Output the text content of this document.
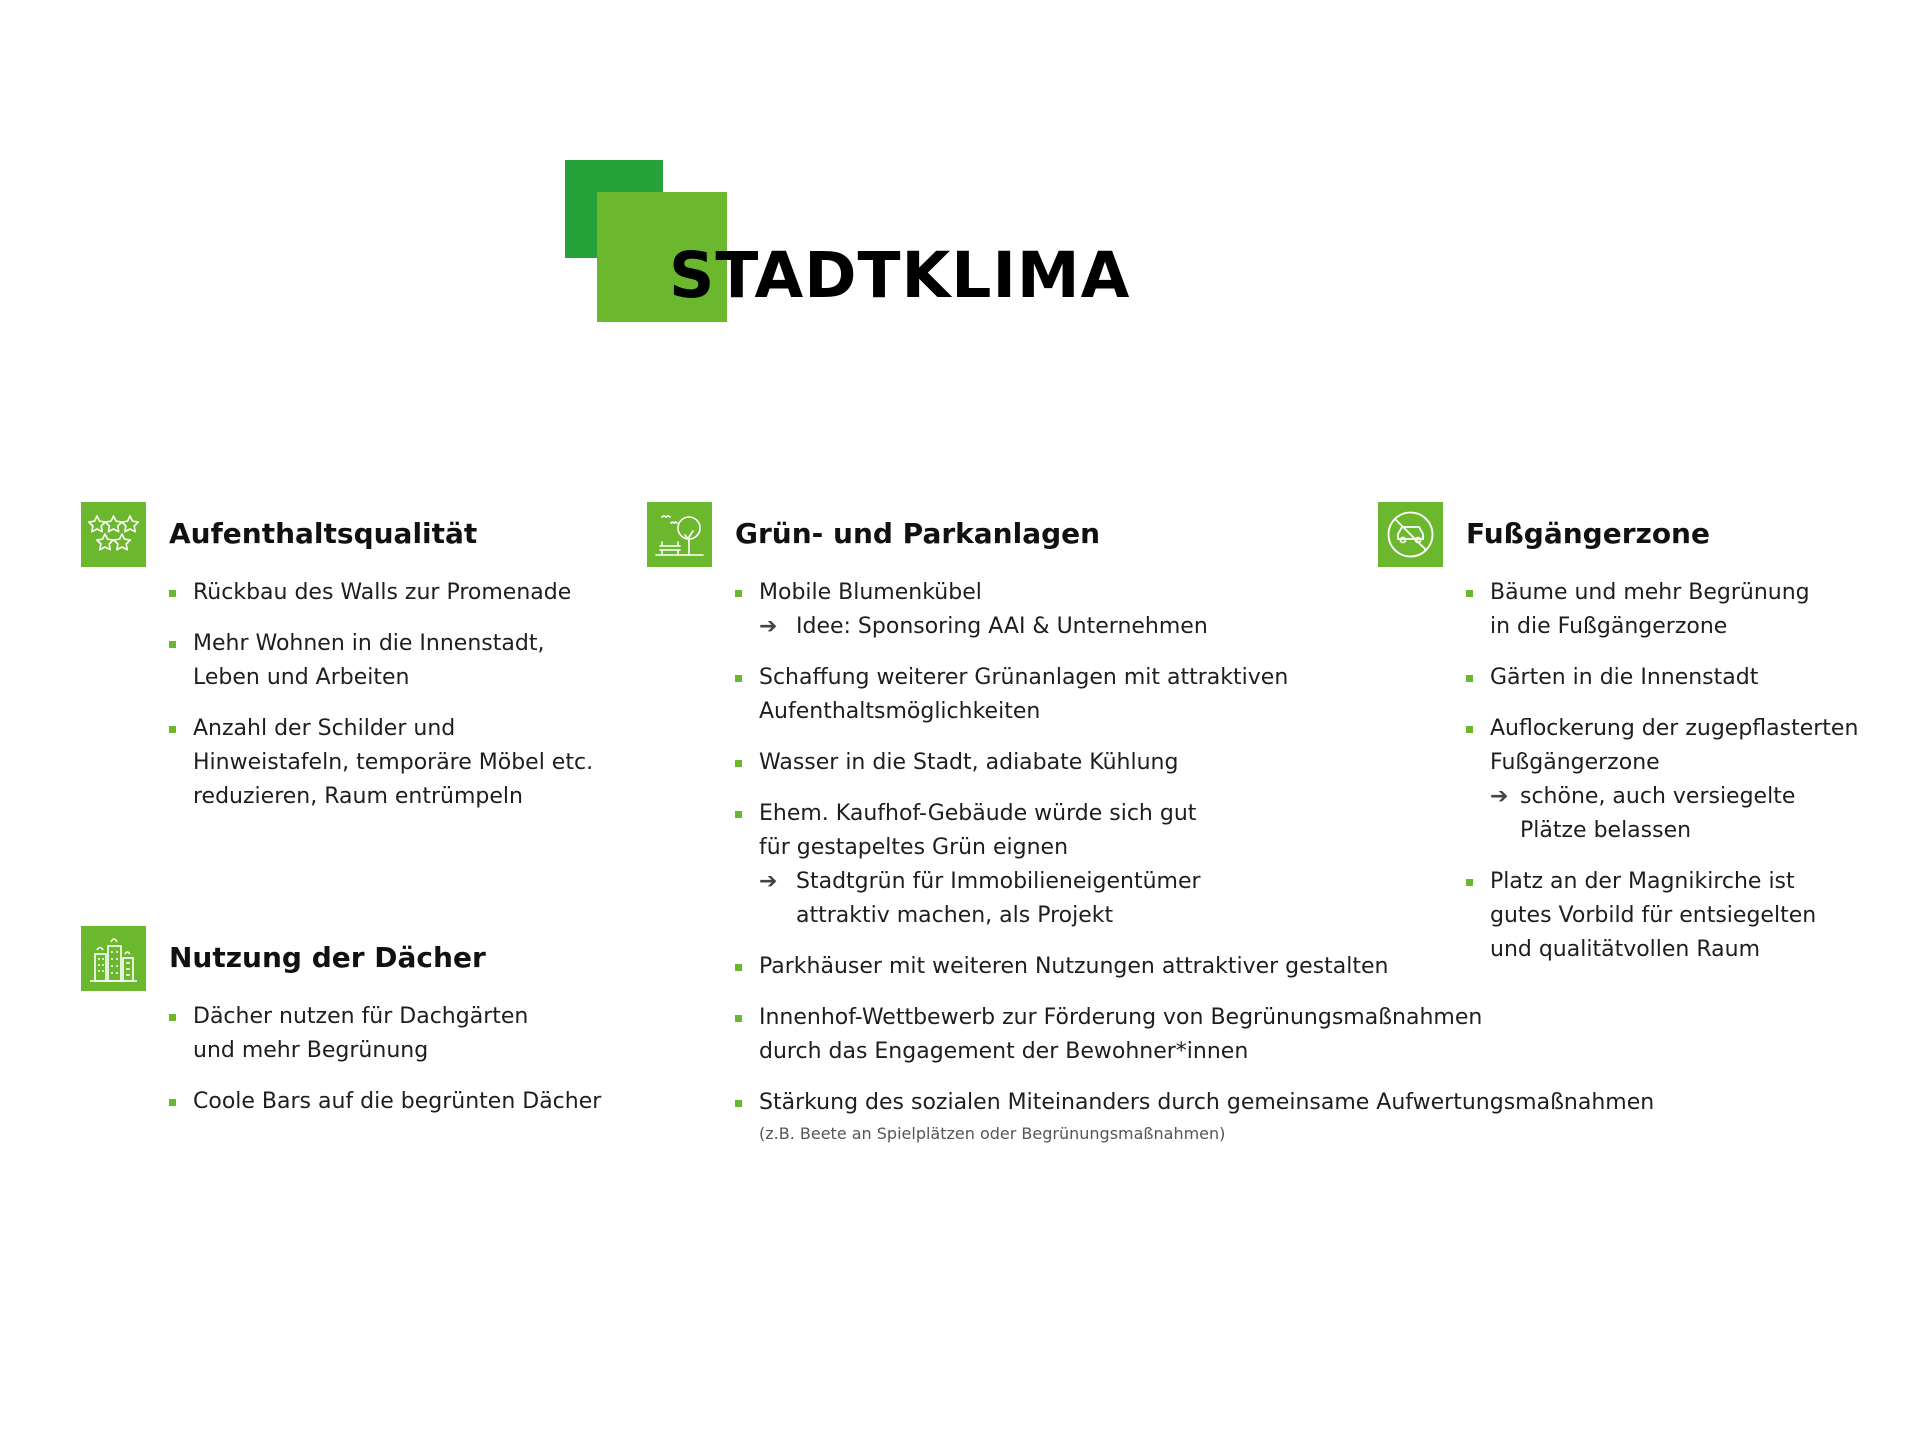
STADTKLIMA
Aufenthaltsqualität
Rückbau des Walls zur Promenade
Mehr Wohnen in die Innenstadt,
Leben und Arbeiten
Anzahl der Schilder und
Hinweistafeln, temporäre Möbel etc.
reduzieren, Raum entrümpeln
Nutzung der Dächer
Dächer nutzen für Dachgärten
und mehr Begrünung
Coole Bars auf die begrünten Dächer
Grün- und Parkanlagen
Mobile Blumenkübel
➔ Idee: Sponsoring AAI & Unternehmen
Schaffung weiterer Grünanlagen mit attraktiven
Aufenthaltsmöglichkeiten
Wasser in die Stadt, adiabate Kühlung
Ehem. Kaufhof-Gebäude würde sich gut
für gestapeltes Grün eignen
➔ Stadtgrün für Immobilieneigentümer
attraktiv machen, als Projekt
Parkhäuser mit weiteren Nutzungen attraktiver gestalten
Innenhof-Wettbewerb zur Förderung von Begrünungsmaßnahmen
durch das Engagement der Bewohner*innen
Stärkung des sozialen Miteinanders durch gemeinsame Aufwertungsmaßnahmen
(z.B. Beete an Spielplätzen oder Begrünungsmaßnahmen)
Fußgängerzone
Bäume und mehr Begrünung
in die Fußgängerzone
Gärten in die Innenstadt
Auflockerung der zugepflasterten
Fußgängerzone
➔ schöne, auch versiegelte
Plätze belassen
Platz an der Magnikirche ist
gutes Vorbild für entsiegelten
und qualitätvollen Raum
